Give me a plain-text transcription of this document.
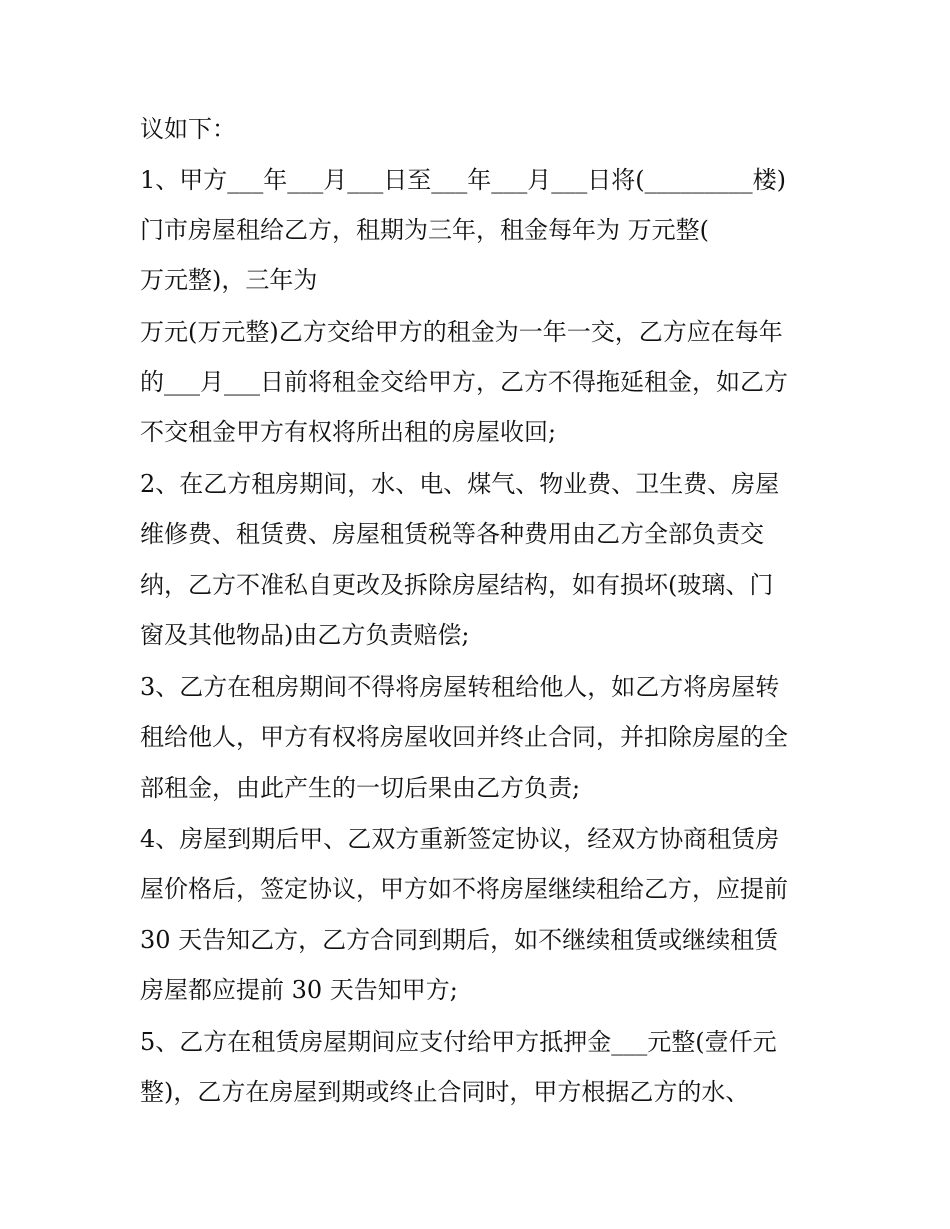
议如下：
1、甲方___年___月___日至___年___月___日将(_________楼)
门市房屋租给乙方，租期为三年，租金每年为 万元整(
万元整)，三年为
万元(万元整)乙方交给甲方的租金为一年一交，乙方应在每年
的___月___日前将租金交给甲方，乙方不得拖延租金，如乙方
不交租金甲方有权将所出租的房屋收回;
2、在乙方租房期间，水、电、煤气、物业费、卫生费、房屋
维修费、租赁费、房屋租赁税等各种费用由乙方全部负责交
纳，乙方不准私自更改及拆除房屋结构，如有损坏(玻璃、门
窗及其他物品)由乙方负责赔偿;
3、乙方在租房期间不得将房屋转租给他人，如乙方将房屋转
租给他人，甲方有权将房屋收回并终止合同，并扣除房屋的全
部租金，由此产生的一切后果由乙方负责;
4、房屋到期后甲、乙双方重新签定协议，经双方协商租赁房
屋价格后，签定协议，甲方如不将房屋继续租给乙方，应提前
30 天告知乙方，乙方合同到期后，如不继续租赁或继续租赁
房屋都应提前 30 天告知甲方;
5、乙方在租赁房屋期间应支付给甲方抵押金___元整(壹仟元
整)，乙方在房屋到期或终止合同时，甲方根据乙方的水、
